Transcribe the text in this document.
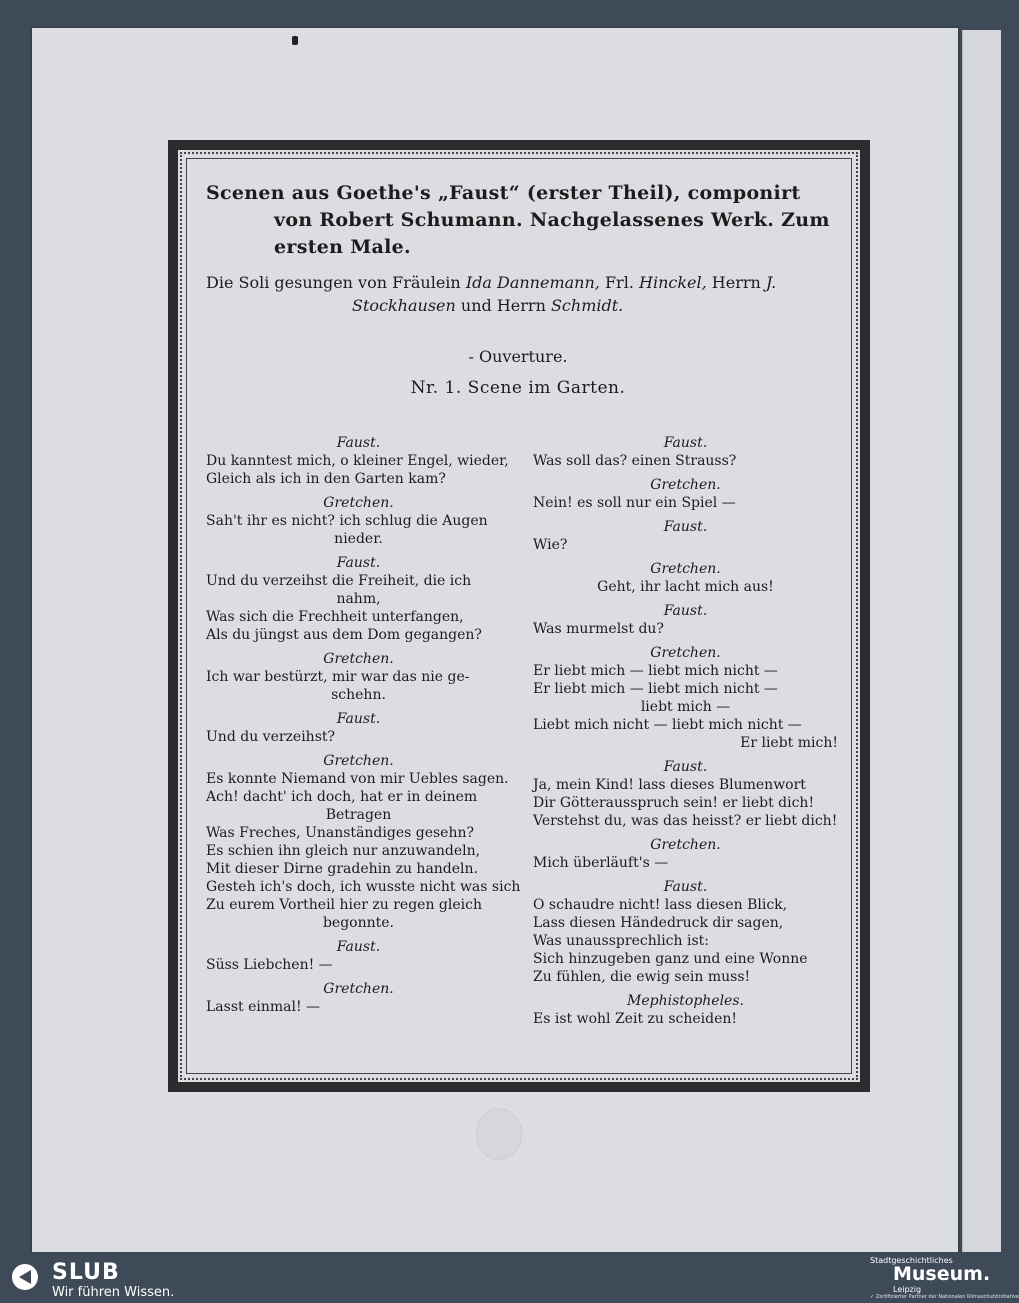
Scenen aus Goethe's „Faust“ (erster Theil), componirt von Robert Schumann. Nachgelassenes Werk. Zum ersten Male.
Die Soli gesungen von Fräulein Ida Dannemann, Frl. Hinckel, Herrn J. Stockhausen und Herrn Schmidt.
- Ouverture.
Nr. 1. Scene im Garten.
Faust.
Du kanntest mich, o kleiner Engel, wieder,
Gleich als ich in den Garten kam?
Gretchen.
Sah't ihr es nicht? ich schlug die Augen
nieder.
Faust.
Und du verzeihst die Freiheit, die ich
nahm,
Was sich die Frechheit unterfangen,
Als du jüngst aus dem Dom gegangen?
Gretchen.
Ich war bestürzt, mir war das nie ge-
schehn.
Faust.
Und du verzeihst?
Gretchen.
Es konnte Niemand von mir Uebles sagen.
Ach! dacht' ich doch, hat er in deinem
Betragen
Was Freches, Unanständiges gesehn?
Es schien ihn gleich nur anzuwandeln,
Mit dieser Dirne gradehin zu handeln.
Gesteh ich's doch, ich wusste nicht was sich
Zu eurem Vortheil hier zu regen gleich
begonnte.
Faust.
Süss Liebchen! —
Gretchen.
Lasst einmal! —
Faust.
Was soll das? einen Strauss?
Gretchen.
Nein! es soll nur ein Spiel —
Faust.
Wie?
Gretchen.
Geht, ihr lacht mich aus!
Faust.
Was murmelst du?
Gretchen.
Er liebt mich — liebt mich nicht —
Er liebt mich — liebt mich nicht —
liebt mich —
Liebt mich nicht — liebt mich nicht —
Er liebt mich!
Faust.
Ja, mein Kind! lass dieses Blumenwort
Dir Götterausspruch sein! er liebt dich!
Verstehst du, was das heisst? er liebt dich!
Gretchen.
Mich überläuft's —
Faust.
O schaudre nicht! lass diesen Blick,
Lass diesen Händedruck dir sagen,
Was unaussprechlich ist:
Sich hinzugeben ganz und eine Wonne
Zu fühlen, die ewig sein muss!
Mephistopheles.
Es ist wohl Zeit zu scheiden!
SLUB
Wir führen Wissen.
Stadtgeschichtliches
Museum.
Leipzig
✓ Zertifizierter Partner der Nationalen Klimaschutzinitiative
